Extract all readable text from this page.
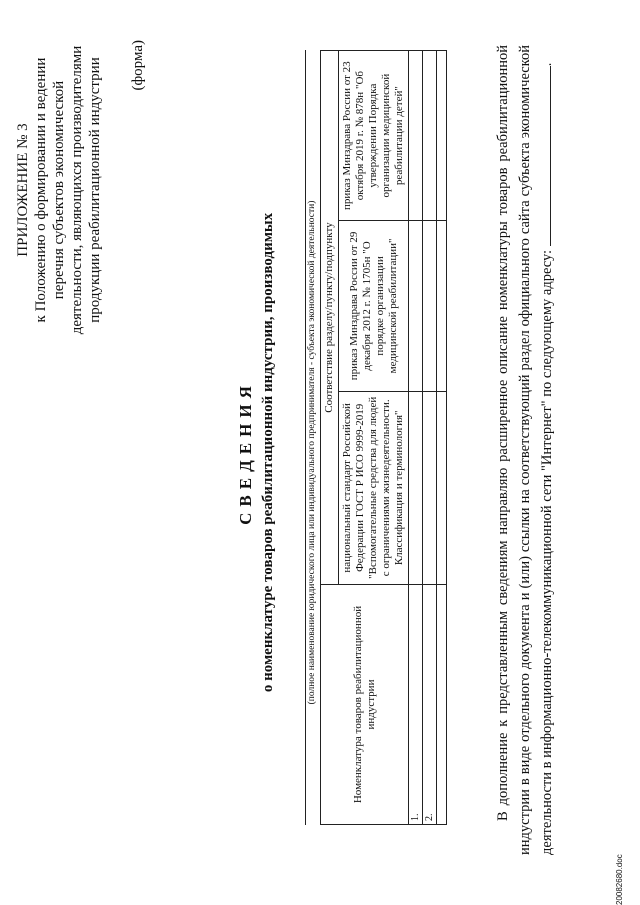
ПРИЛОЖЕНИЕ № 3 к Положению о формировании и ведении перечня субъектов экономической деятельности, являющихся производителями продукции реабилитационной индустрии (форма)
СВЕДЕНИЯ о номенклатуре товаров реабилитационной индустрии, производимых	(полное наименование юридического лица или индивидуального предпринимателя - субъекта экономической деятельности)
Номенклатура товаров реабилитационной индустрии	Соответствие разделу/пункту/подпункту		
	национальный стандарт Российской Федерации ГОСТ Р ИСО 9999-2019 "Вспомогательные средства для людей с ограничениями жизнедеятельности. Классификация и терминология"	приказ Минздрава России от 29 декабря 2012 г. № 1705н "О порядке организации медицинской реабилитации"	приказ Минздрава России от 23 октября 2019 г. № 878н "Об утверждении Порядка организации медицинской реабилитации детей"
1.			
2.			
				В дополнение к представленным сведениям направляю расширенное описание номенклатуры товаров реабилитационной индустрии в виде отдельного документа и (или) ссылки на соответствующий раздел официального сайта субъекта экономической деятельности в информационно-телекоммуникационной сети "Интернет" по следующему адресу: .
20082680.doc
